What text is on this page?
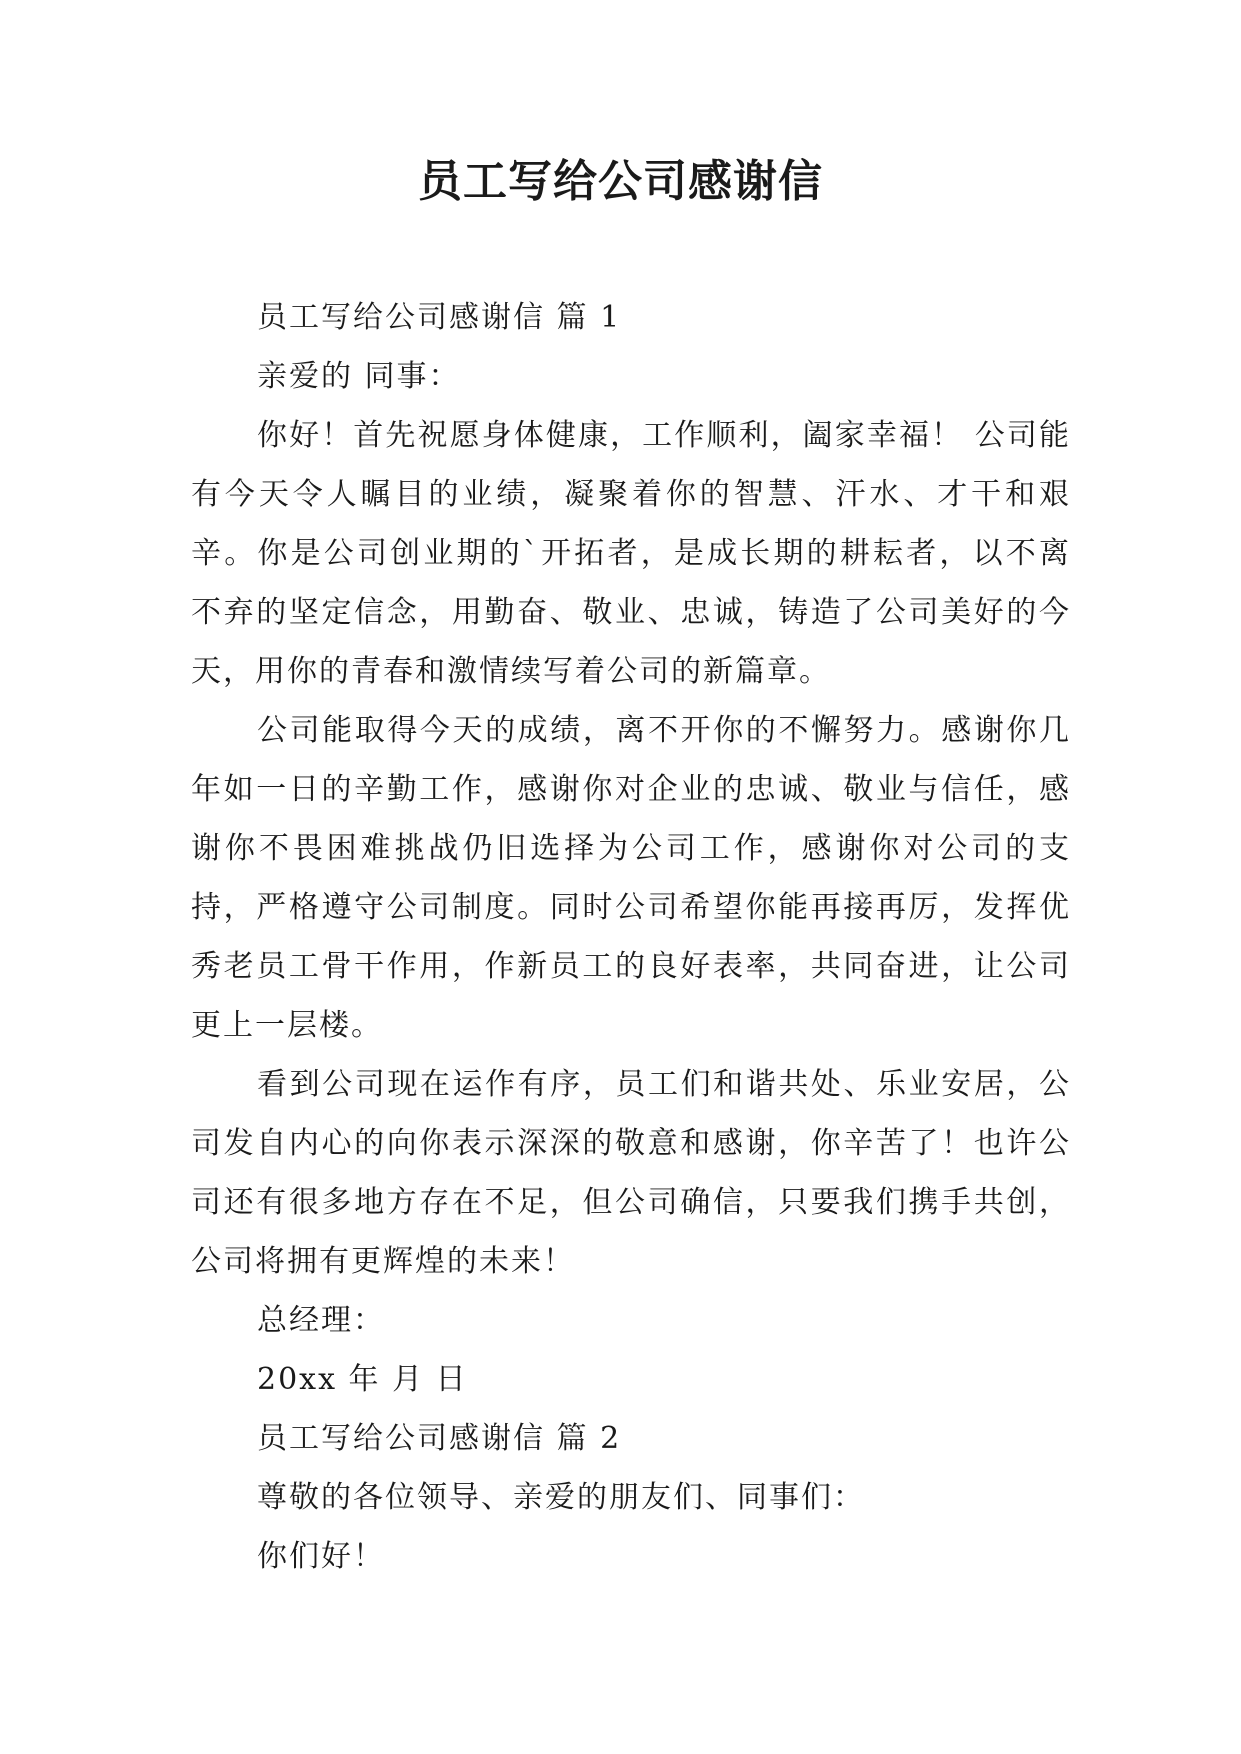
员工写给公司感谢信

员工写给公司感谢信 篇 1

亲爱的 同事：

你好！首先祝愿身体健康，工作顺利，阖家幸福！ 公司能有今天令人瞩目的业绩，凝聚着你的智慧、汗水、才干和艰辛。你是公司创业期的`开拓者，是成长期的耕耘者，以不离不弃的坚定信念，用勤奋、敬业、忠诚，铸造了公司美好的今天，用你的青春和激情续写着公司的新篇章。

公司能取得今天的成绩，离不开你的不懈努力。感谢你几年如一日的辛勤工作，感谢你对企业的忠诚、敬业与信任，感谢你不畏困难挑战仍旧选择为公司工作，感谢你对公司的支持，严格遵守公司制度。同时公司希望你能再接再厉，发挥优秀老员工骨干作用，作新员工的良好表率，共同奋进，让公司更上一层楼。

看到公司现在运作有序，员工们和谐共处、乐业安居，公司发自内心的向你表示深深的敬意和感谢，你辛苦了！也许公司还有很多地方存在不足，但公司确信，只要我们携手共创，公司将拥有更辉煌的未来！

总经理：

20xx 年 月 日

员工写给公司感谢信 篇 2

尊敬的各位领导、亲爱的朋友们、同事们：

你们好！
